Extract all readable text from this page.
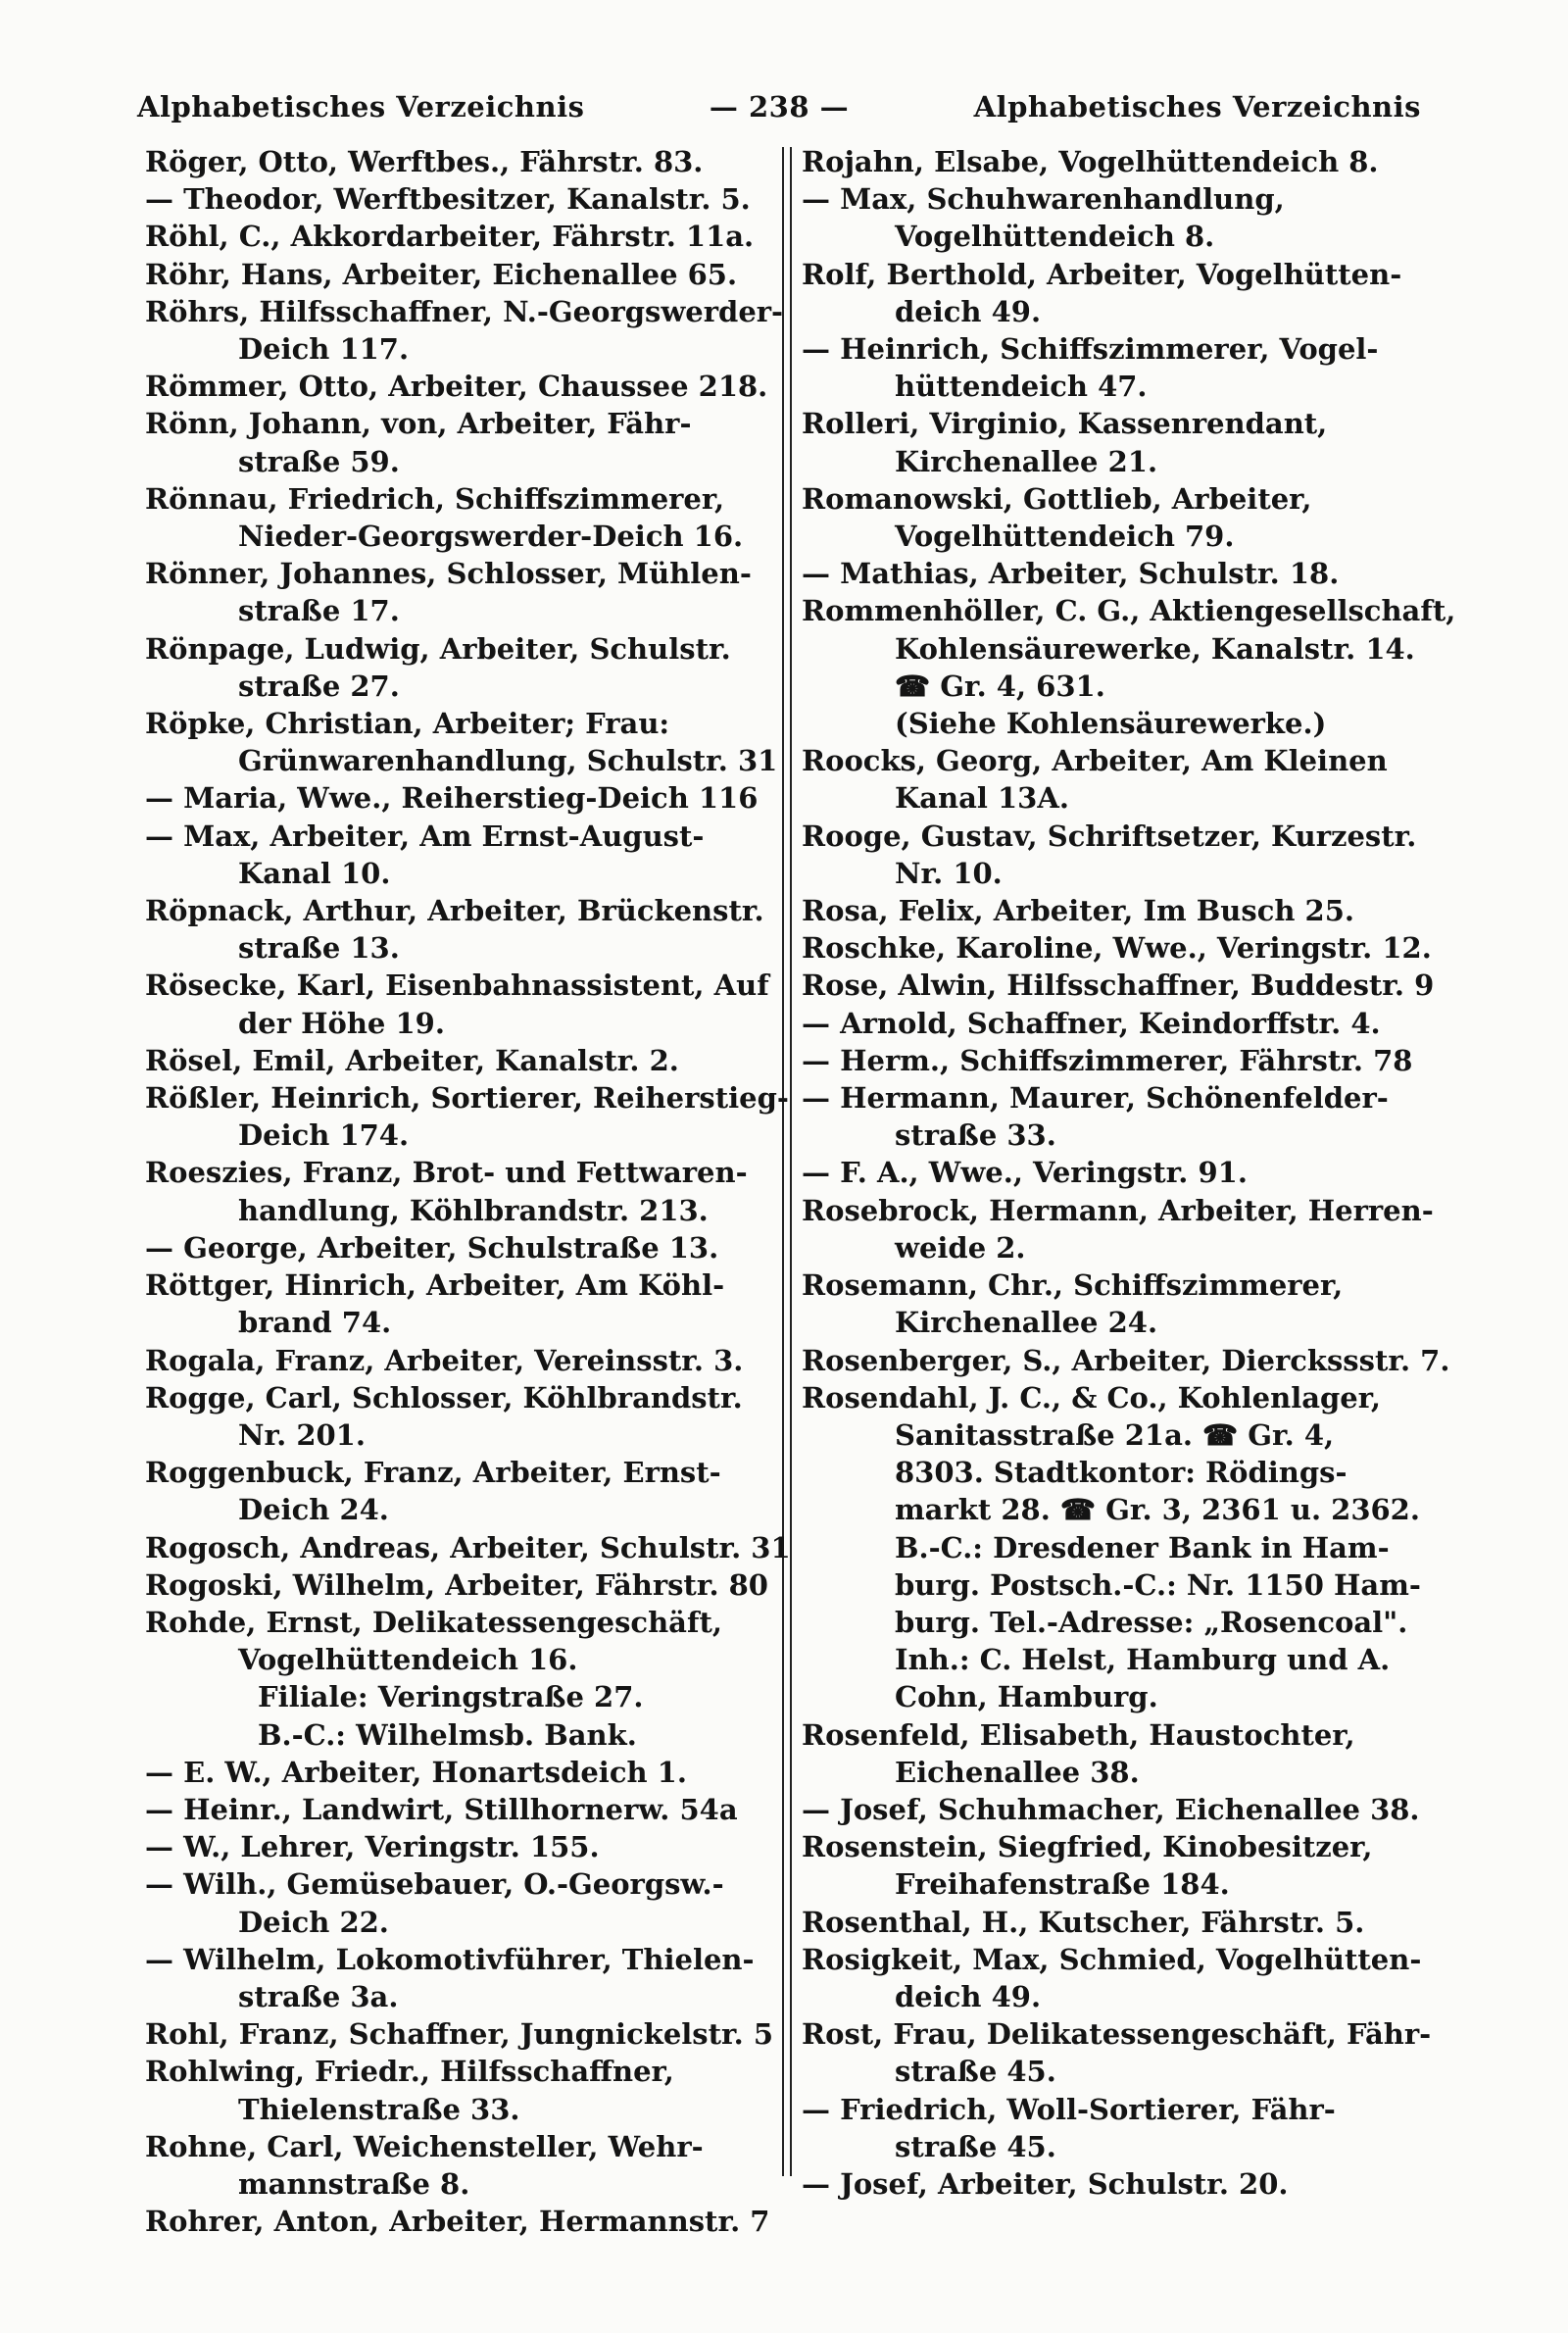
Alphabetisches Verzeichnis	— 238 —	Alphabetisches Verzeichnis
Röger, Otto, Werftbes., Fährstr. 83.
— Theodor, Werftbesitzer, Kanalstr. 5.
Röhl, C., Akkordarbeiter, Fährstr. 11a.
Röhr, Hans, Arbeiter, Eichenallee 65.
Röhrs, Hilfsschaffner, N.-Georgswerder-
Deich 117.
Römmer, Otto, Arbeiter, Chaussee 218.
Rönn, Johann, von, Arbeiter, Fähr-
straße 59.
Rönnau, Friedrich, Schiffszimmerer,
Nieder-Georgswerder-Deich 16.
Rönner, Johannes, Schlosser, Mühlen-
straße 17.
Rönpage, Ludwig, Arbeiter, Schulstr.
straße 27.
Röpke, Christian, Arbeiter; Frau:
Grünwarenhandlung, Schulstr. 31
— Maria, Wwe., Reiherstieg-Deich 116
— Max, Arbeiter, Am Ernst-August-
Kanal 10.
Röpnack, Arthur, Arbeiter, Brückenstr.
straße 13.
Rösecke, Karl, Eisenbahnassistent, Auf
der Höhe 19.
Rösel, Emil, Arbeiter, Kanalstr. 2.
Rößler, Heinrich, Sortierer, Reiherstieg-
Deich 174.
Roeszies, Franz, Brot- und Fettwaren-
handlung, Köhlbrandstr. 213.
— George, Arbeiter, Schulstraße 13.
Röttger, Hinrich, Arbeiter, Am Köhl-
brand 74.
Rogala, Franz, Arbeiter, Vereinsstr. 3.
Rogge, Carl, Schlosser, Köhlbrandstr.
Nr. 201.
Roggenbuck, Franz, Arbeiter, Ernst-
Deich 24.
Rogosch, Andreas, Arbeiter, Schulstr. 31
Rogoski, Wilhelm, Arbeiter, Fährstr. 80
Rohde, Ernst, Delikatessengeschäft,
Vogelhüttendeich 16.
Filiale: Veringstraße 27.
B.-C.: Wilhelmsb. Bank.
— E. W., Arbeiter, Honartsdeich 1.
— Heinr., Landwirt, Stillhornerw. 54a
— W., Lehrer, Veringstr. 155.
— Wilh., Gemüsebauer, O.-Georgsw.-
Deich 22.
— Wilhelm, Lokomotivführer, Thielen-
straße 3a.
Rohl, Franz, Schaffner, Jungnickelstr. 5
Rohlwing, Friedr., Hilfsschaffner,
Thielenstraße 33.
Rohne, Carl, Weichensteller, Wehr-
mannstraße 8.
Rohrer, Anton, Arbeiter, Hermannstr. 7
Rojahn, Elsabe, Vogelhüttendeich 8.
— Max, Schuhwarenhandlung,
Vogelhüttendeich 8.
Rolf, Berthold, Arbeiter, Vogelhütten-
deich 49.
— Heinrich, Schiffszimmerer, Vogel-
hüttendeich 47.
Rolleri, Virginio, Kassenrendant,
Kirchenallee 21.
Romanowski, Gottlieb, Arbeiter,
Vogelhüttendeich 79.
— Mathias, Arbeiter, Schulstr. 18.
Rommenhöller, C. G., Aktiengesellschaft,
Kohlensäurewerke, Kanalstr. 14.
☎ Gr. 4, 631.
(Siehe Kohlensäurewerke.)
Roocks, Georg, Arbeiter, Am Kleinen
Kanal 13A.
Rooge, Gustav, Schriftsetzer, Kurzestr.
Nr. 10.
Rosa, Felix, Arbeiter, Im Busch 25.
Roschke, Karoline, Wwe., Veringstr. 12.
Rose, Alwin, Hilfsschaffner, Buddestr. 9
— Arnold, Schaffner, Keindorffstr. 4.
— Herm., Schiffszimmerer, Fährstr. 78
— Hermann, Maurer, Schönenfelder-
straße 33.
— F. A., Wwe., Veringstr. 91.
Rosebrock, Hermann, Arbeiter, Herren-
weide 2.
Rosemann, Chr., Schiffszimmerer,
Kirchenallee 24.
Rosenberger, S., Arbeiter, Dierckssstr. 7.
Rosendahl, J. C., & Co., Kohlenlager,
Sanitasstraße 21a. ☎ Gr. 4,
8303. Stadtkontor: Rödings-
markt 28. ☎ Gr. 3, 2361 u. 2362.
B.-C.: Dresdener Bank in Ham-
burg. Postsch.-C.: Nr. 1150 Ham-
burg. Tel.-Adresse: „Rosencoal".
Inh.: C. Helst, Hamburg und A.
Cohn, Hamburg.
Rosenfeld, Elisabeth, Haustochter,
Eichenallee 38.
— Josef, Schuhmacher, Eichenallee 38.
Rosenstein, Siegfried, Kinobesitzer,
Freihafenstraße 184.
Rosenthal, H., Kutscher, Fährstr. 5.
Rosigkeit, Max, Schmied, Vogelhütten-
deich 49.
Rost, Frau, Delikatessengeschäft, Fähr-
straße 45.
— Friedrich, Woll-Sortierer, Fähr-
straße 45.
— Josef, Arbeiter, Schulstr. 20.
